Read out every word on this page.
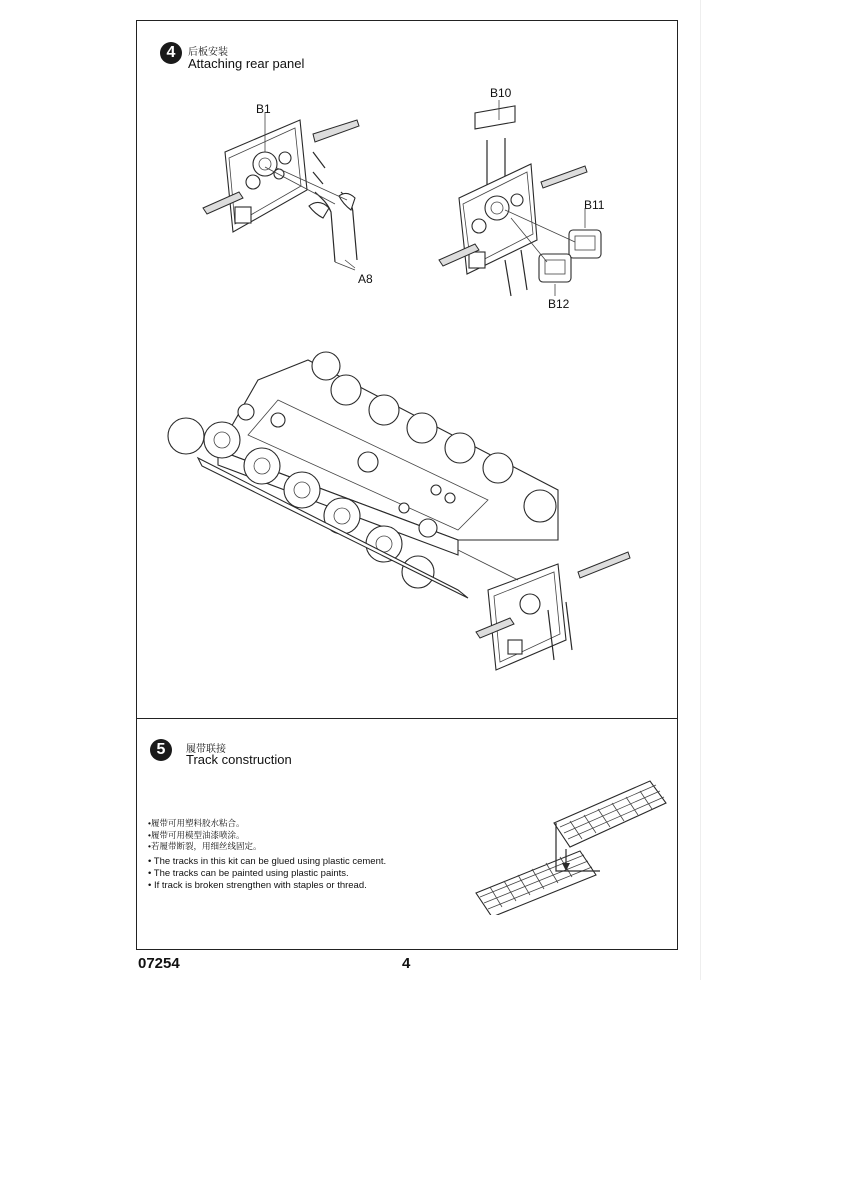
4 后板安装
Attaching rear panel
B1
A8
B10
B11
B12
5 履带联接
Track construction
•履带可用塑料胶水粘合。
•履带可用模型油漆喷涂。
•若履带断裂，用细丝线固定。
• The tracks in this kit can be glued using plastic cement.
• The tracks can be painted using plastic paints.
• If track is broken strengthen with staples or thread.
07254	4
